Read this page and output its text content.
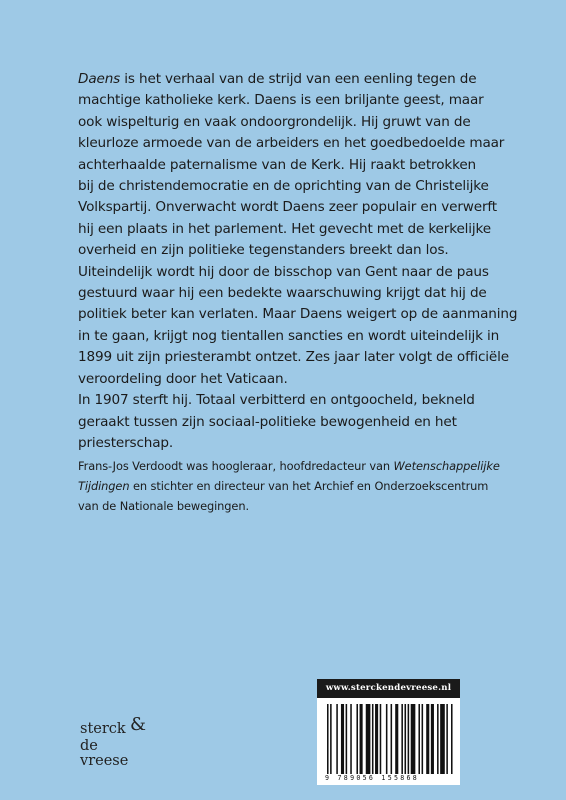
Daens is het verhaal van de strijd van een eenling tegen de
machtige katholieke kerk. Daens is een briljante geest, maar
ook wispelturig en vaak ondoorgrondelijk. Hij gruwt van de
kleurloze armoede van de arbeiders en het goedbedoelde maar
achterhaalde paternalisme van de Kerk. Hij raakt betrokken
bij de christendemocratie en de oprichting van de Christelijke
Volkspartij. Onverwacht wordt Daens zeer populair en verwerft
hij een plaats in het parlement. Het gevecht met de kerkelijke
overheid en zijn politieke tegenstanders breekt dan los.
Uiteindelijk wordt hij door de bisschop van Gent naar de paus
gestuurd waar hij een bedekte waarschuwing krijgt dat hij de
politiek beter kan verlaten. Maar Daens weigert op de aanmaning
in te gaan, krijgt nog tientallen sancties en wordt uiteindelijk in
1899 uit zijn priesterambt ontzet. Zes jaar later volgt de officiële
veroordeling door het Vaticaan.
In 1907 sterft hij. Totaal verbitterd en ontgoocheld, bekneld
geraakt tussen zijn sociaal-politieke bewogenheid en het
priesterschap.
Frans-Jos Verdoodt was hoogleraar, hoofdredacteur van Wetenschappelijke
Tijdingen en stichter en directeur van het Archief en Onderzoekscentrum
van de Nationale bewegingen.
sterck &
de vreese
www.sterckendevreese.nl
9 789056 155868
